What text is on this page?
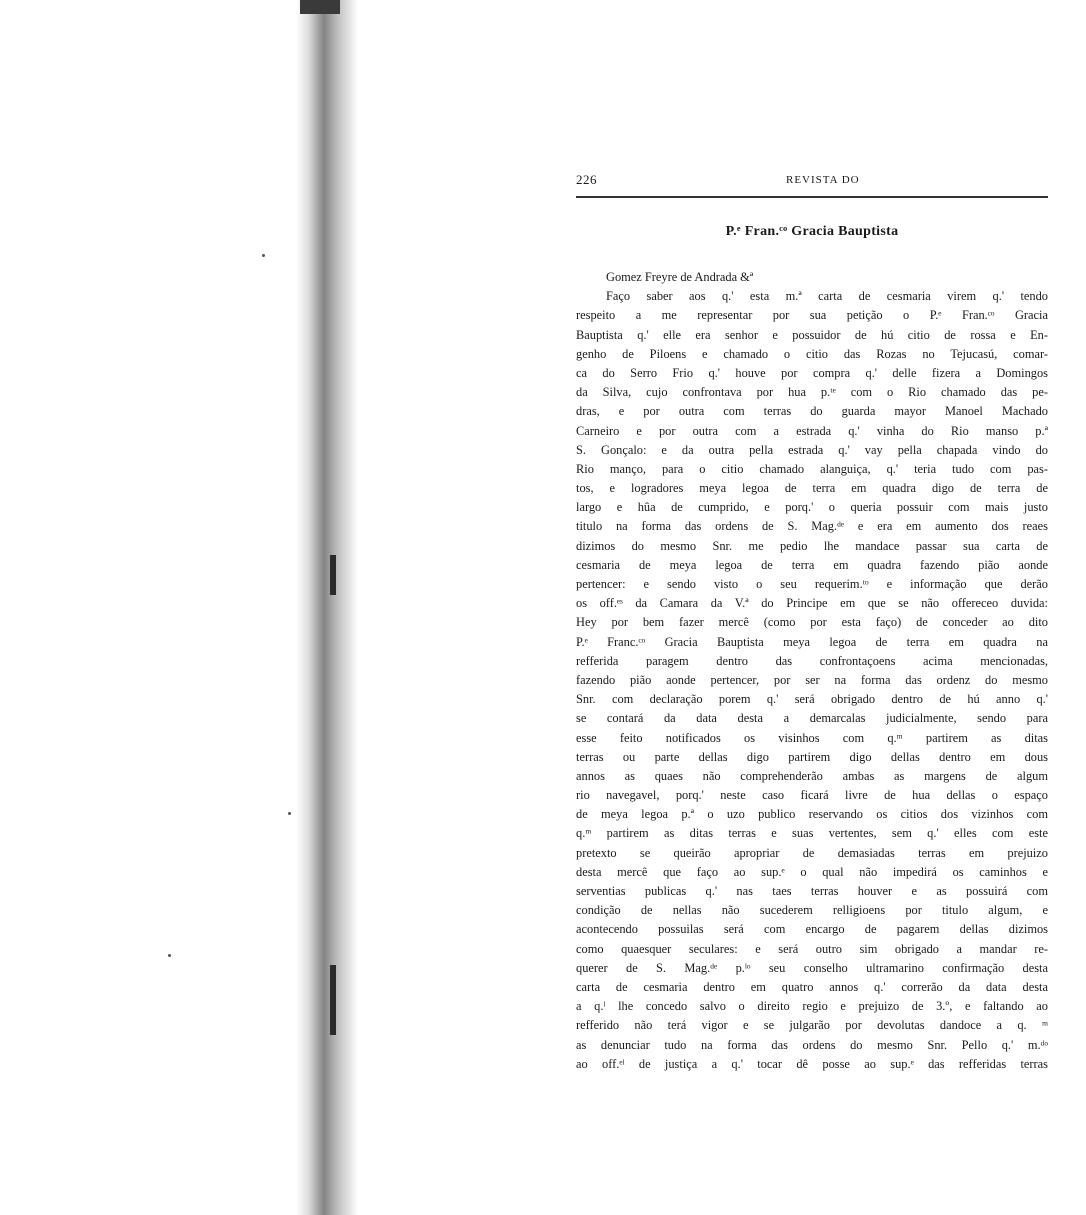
226	REVISTA DO
P.ᵉ Fran.ᶜᵒ Gracia Bauptista
Gomez Freyre de Andrada &ª
Faço saber aos q.' esta m.ª carta de cesmaria virem q.' tendo
respeito a me representar por sua petição o P.ᵉ Fran.ᶜᵒ Gracia
Bauptista q.' elle era senhor e possuidor de hú citio de rossa e En-
genho de Piloens e chamado o citio das Rozas no Tejucasú, comar-
ca do Serro Frio q.' houve por compra q.' delle fizera a Domingos
da Silva, cujo confrontava por hua p.ᵗᵉ com o Rio chamado das pe-
dras, e por outra com terras do guarda mayor Manoel Machado
Carneiro e por outra com a estrada q.' vinha do Rio manso p.ª
S. Gonçalo: e da outra pella estrada q.' vay pella chapada vindo do
Rio manço, para o citio chamado alanguiça, q.' teria tudo com pas-
tos, e logradores meya legoa de terra em quadra digo de terra de
largo e hûa de cumprido, e porq.' o queria possuir com mais justo
titulo na forma das ordens de S. Mag.ᵈᵉ e era em aumento dos reaes
dizimos do mesmo Snr. me pedio lhe mandace passar sua carta de
cesmaria de meya legoa de terra em quadra fazendo pião aonde
pertencer: e sendo visto o seu requerim.ᵗᵒ e informação que derão
os off.ᵉˢ da Camara da V.ª do Principe em que se não offereceo duvida:
Hey por bem fazer mercê (como por esta faço) de conceder ao dito
P.ᵉ Franc.ᶜᵒ Gracia Bauptista meya legoa de terra em quadra na
refferida paragem dentro das confrontaçoens acima mencionadas,
fazendo pião aonde pertencer, por ser na forma das ordenz do mesmo
Snr. com declaração porem q.' será obrigado dentro de hú anno q.'
se contará da data desta a demarcalas judicialmente, sendo para
esse feito notificados os visinhos com q.ᵐ partirem as ditas
terras ou parte dellas digo partirem digo dellas dentro em dous
annos as quaes não comprehenderão ambas as margens de algum
rio navegavel, porq.' neste caso ficará livre de hua dellas o espaço
de meya legoa p.ª o uzo publico reservando os citios dos vizinhos com
q.ᵐ partirem as ditas terras e suas vertentes, sem q.' elles com este
pretexto se queirão apropriar de demasiadas terras em prejuizo
desta mercê que faço ao sup.ᵉ o qual não impedirá os caminhos e
serventias publicas q.' nas taes terras houver e as possuirá com
condição de nellas não sucederem relligioens por titulo algum, e
acontecendo possuilas será com encargo de pagarem dellas dizimos
como quaesquer seculares: e será outro sim obrigado a mandar re-
querer de S. Mag.ᵈᵉ p.ˡᵒ seu conselho ultramarino confirmação desta
carta de cesmaria dentro em quatro annos q.' correrão da data desta
a q.ˡ lhe concedo salvo o direito regio e prejuizo de 3.º, e faltando ao
refferido não terá vigor e se julgarão por devolutas dandoce a q. ᵐ
as denunciar tudo na forma das ordens do mesmo Snr. Pello q.' m.ᵈᵒ
ao off.ᵉˡ de justiça a q.' tocar dê posse ao sup.ᵉ das refferidas terras
